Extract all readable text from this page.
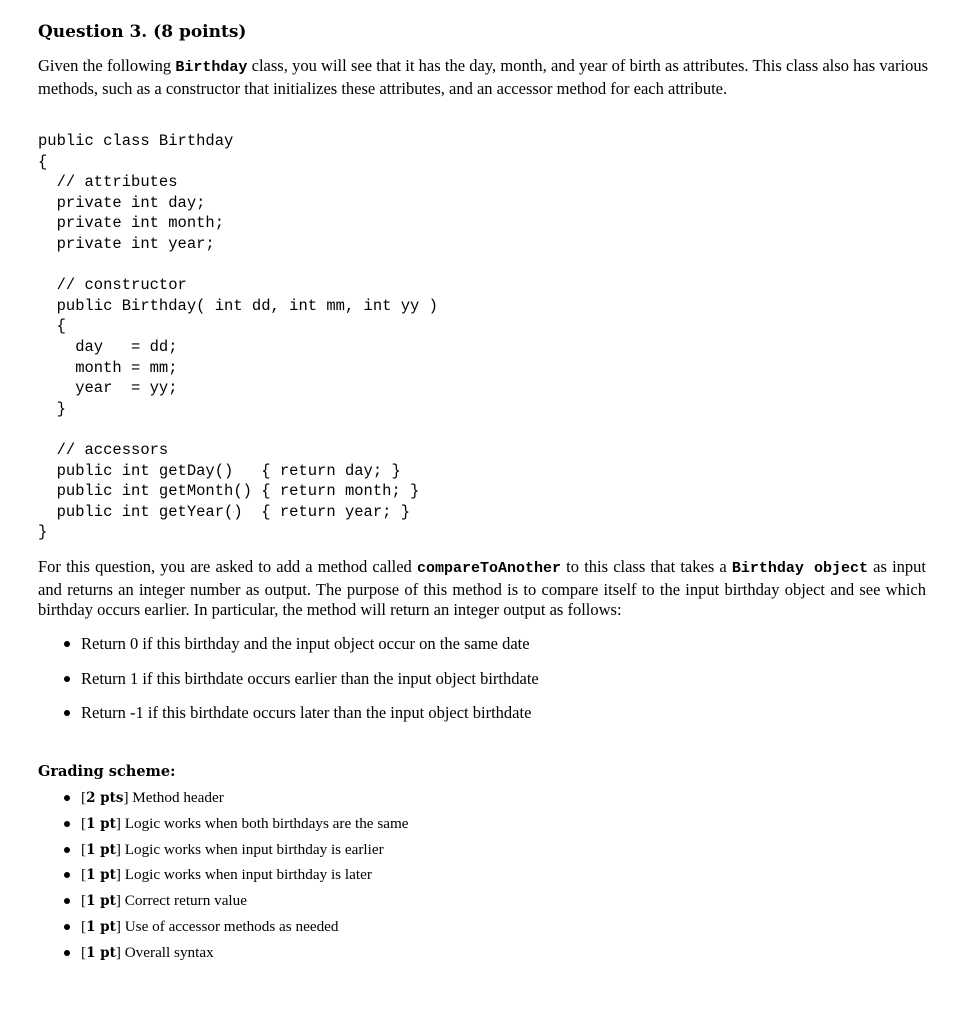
Question 3. (8 points)
Given the following Birthday class, you will see that it has the day, month, and year of birth as attributes. This class also has various methods, such as a constructor that initializes these attributes, and an accessor method for each attribute.
public class Birthday
{
// attributes
private int day;
private int month;
private int year;

// constructor
public Birthday( int dd, int mm, int yy )
{
day   = dd;
month = mm;
year  = yy;
}

// accessors
public int getDay()   { return day; }
public int getMonth() { return month; }
public int getYear()  { return year; }
}
For this question, you are asked to add a method called compareToAnother to this class that takes a Birthday object as input and returns an integer number as output. The purpose of this method is to compare itself to the input birthday object and see which birthday occurs earlier. In particular, the method will return an integer output as follows:
Return 0 if this birthday and the input object occur on the same date
Return 1 if this birthdate occurs earlier than the input object birthdate
Return -1 if this birthdate occurs later than the input object birthdate
Grading scheme:
[2 pts] Method header
[1 pt] Logic works when both birthdays are the same
[1 pt] Logic works when input birthday is earlier
[1 pt] Logic works when input birthday is later
[1 pt] Correct return value
[1 pt] Use of accessor methods as needed
[1 pt] Overall syntax
